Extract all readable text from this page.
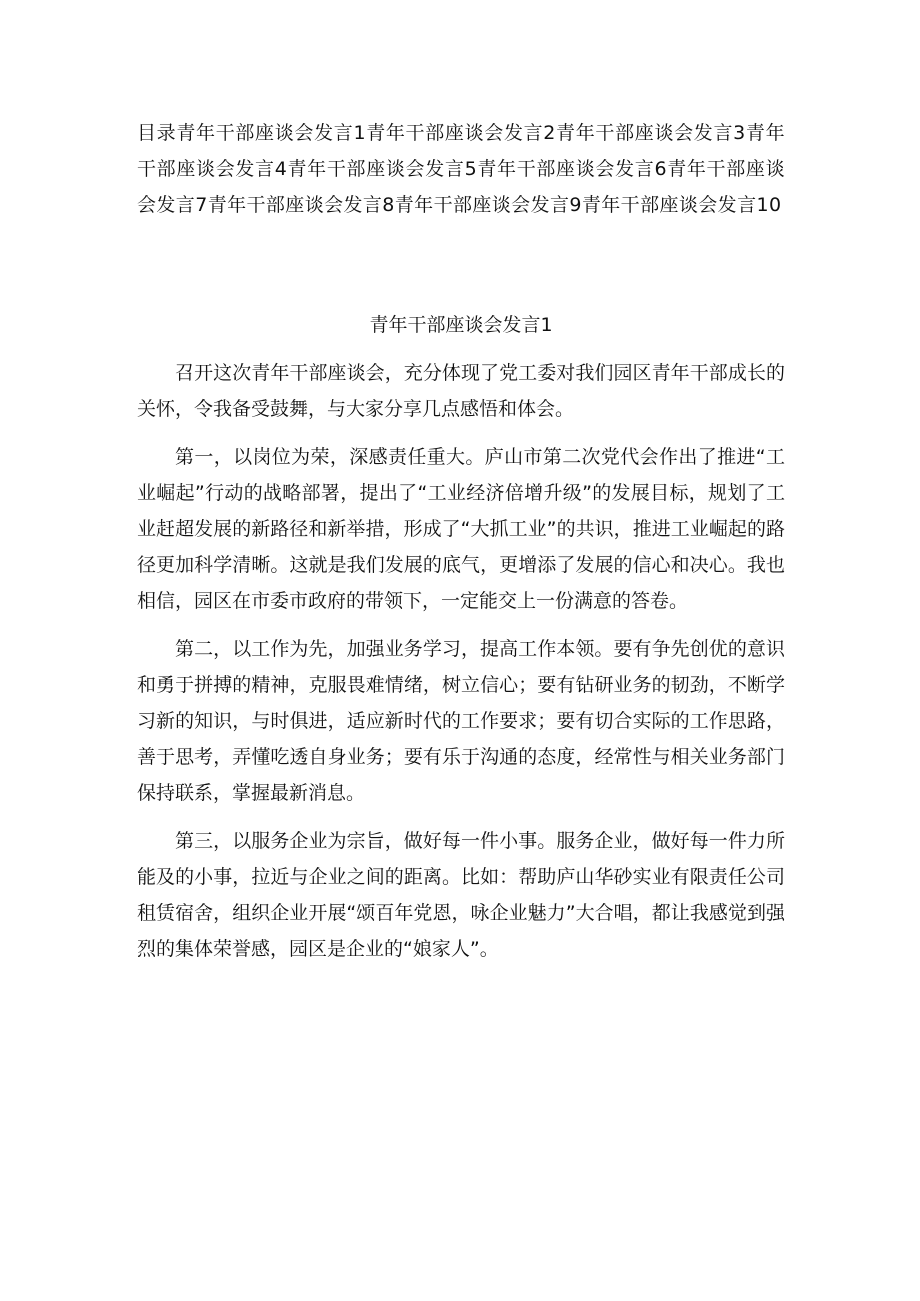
目录青年干部座谈会发言1青年干部座谈会发言2青年干部座谈会发言3青年干部座谈会发言4青年干部座谈会发言5青年干部座谈会发言6青年干部座谈会发言7青年干部座谈会发言8青年干部座谈会发言9青年干部座谈会发言10
青年干部座谈会发言1

召开这次青年干部座谈会，充分体现了党工委对我们园区青年干部成长的关怀，令我备受鼓舞，与大家分享几点感悟和体会。

第一，以岗位为荣，深感责任重大。庐山市第二次党代会作出了推进“工业崛起”行动的战略部署，提出了“工业经济倍增升级”的发展目标，规划了工业赶超发展的新路径和新举措，形成了“大抓工业”的共识，推进工业崛起的路径更加科学清晰。这就是我们发展的底气，更增添了发展的信心和决心。我也相信，园区在市委市政府的带领下，一定能交上一份满意的答卷。

第二，以工作为先，加强业务学习，提高工作本领。要有争先创优的意识和勇于拼搏的精神，克服畏难情绪，树立信心；要有钻研业务的韧劲，不断学习新的知识，与时俱进，适应新时代的工作要求；要有切合实际的工作思路，善于思考，弄懂吃透自身业务；要有乐于沟通的态度，经常性与相关业务部门保持联系，掌握最新消息。

第三，以服务企业为宗旨，做好每一件小事。服务企业，做好每一件力所能及的小事，拉近与企业之间的距离。比如：帮助庐山华砂实业有限责任公司租赁宿舍，组织企业开展“颂百年党恩，咏企业魅力”大合唱，都让我感觉到强烈的集体荣誉感，园区是企业的“娘家人”。
